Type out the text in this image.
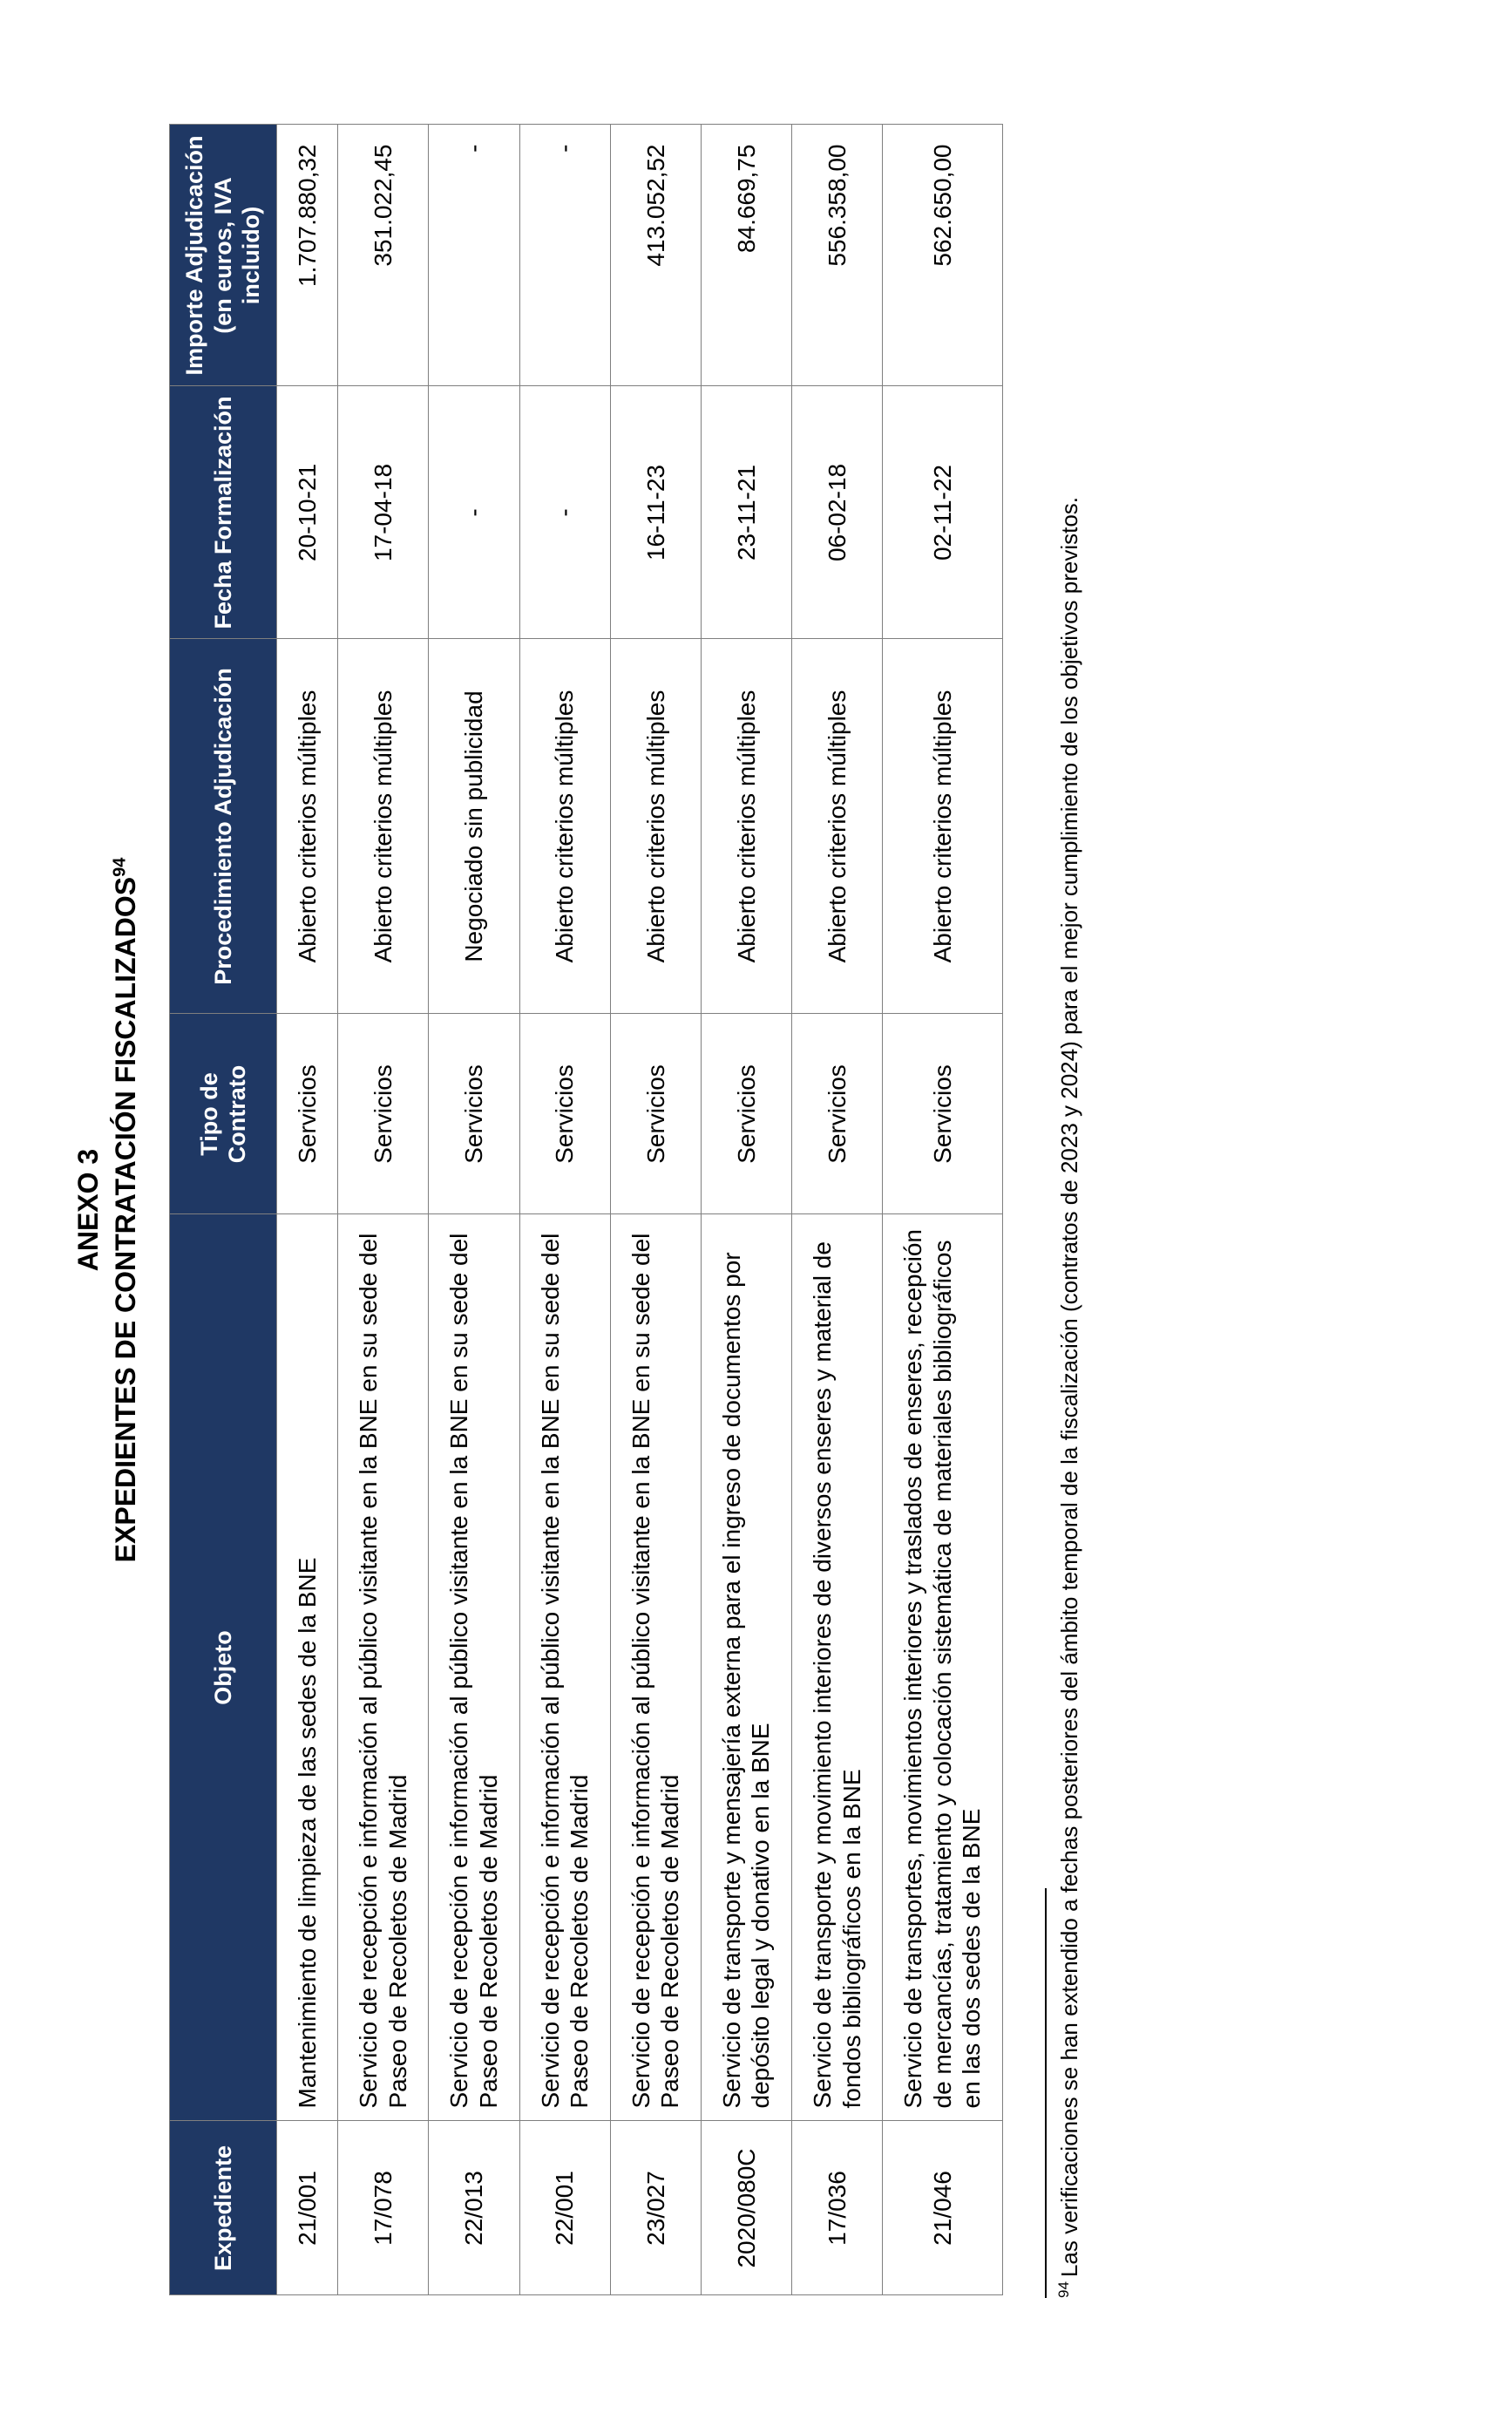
ANEXO 3 EXPEDIENTES DE CONTRATACIÓN FISCALIZADOS$^{94}$
Expediente	Objeto	Tipo de Contrato	Procedimiento Adjudicación	Fecha Formalización	Importe Adjudicación (en euros, IVA incluido)
21/001	Mantenimiento de limpieza de las sedes de la BNE	Servicios	Abierto criterios múltiples	20-10-21	1.707.880,32
17/078	Servicio de recepción e información al público visitante en la BNE en su sede del Paseo de Recoletos de Madrid	Servicios	Abierto criterios múltiples	17-04-18	351.022,45
22/013	Servicio de recepción e información al público visitante en la BNE en su sede del Paseo de Recoletos de Madrid	Servicios	Negociado sin publicidad	-	-
22/001	Servicio de recepción e información al público visitante en la BNE en su sede del Paseo de Recoletos de Madrid	Servicios	Abierto criterios múltiples	-	-
23/027	Servicio de recepción e información al público visitante en la BNE en su sede del Paseo de Recoletos de Madrid	Servicios	Abierto criterios múltiples	16-11-23	413.052,52
2020/080C	Servicio de transporte y mensajería externa para el ingreso de documentos por depósito legal y donativo en la BNE	Servicios	Abierto criterios múltiples	23-11-21	84.669,75
17/036	Servicio de transporte y movimiento interiores de diversos enseres y material de fondos bibliográficos en la BNE	Servicios	Abierto criterios múltiples	06-02-18	556.358,00
21/046	Servicio de transportes, movimientos interiores y traslados de enseres, recepción de mercancías, tratamiento y colocación sistemática de materiales bibliográficos en las dos sedes de la BNE	Servicios	Abierto criterios múltiples	02-11-22	562.650,00
$^{94}$Las verificaciones se han extendido a fechas posteriores del ámbito temporal de la fiscalización (contratos de 2023 y 2024) para el mejor cumplimiento de los objetivos previstos.
